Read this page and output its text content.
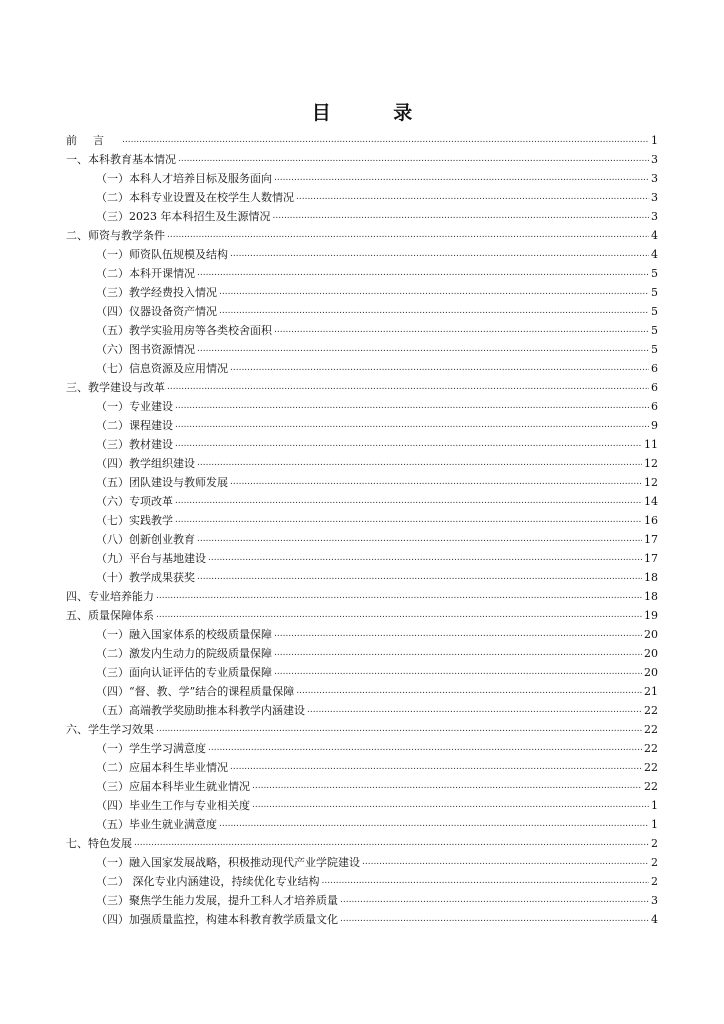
目 录
前言 .....	1
一、本科教育基本情况 .....	3
（一）本科人才培养目标及服务面向 .....	3
（二）本科专业设置及在校学生人数情况 .....	3
（三）2023 年本科招生及生源情况 .....	3
二、师资与教学条件 .....	4
（一）师资队伍规模及结构 .....	4
（二）本科开课情况 .....	5
（三）教学经费投入情况 .....	5
（四）仪器设备资产情况 .....	5
（五）教学实验用房等各类校舍面积 .....	5
（六）图书资源情况 .....	5
（七）信息资源及应用情况 .....	6
三、教学建设与改革 .....	6
（一）专业建设 .....	6
（二）课程建设 .....	9
（三）教材建设 .....	11
（四）教学组织建设 .....	12
（五）团队建设与教师发展 .....	12
（六）专项改革 .....	14
（七）实践教学 .....	16
（八）创新创业教育 .....	17
（九）平台与基地建设 .....	17
（十）教学成果获奖 .....	18
四、专业培养能力 .....	18
五、质量保障体系 .....	19
（一）融入国家体系的校级质量保障 .....	20
（二）激发内生动力的院级质量保障 .....	20
（三）面向认证评估的专业质量保障 .....	20
（四）“督、教、学”结合的课程质量保障 .....	21
（五）高端教学奖励助推本科教学内涵建设 .....	22
六、学生学习效果 .....	22
（一）学生学习满意度 .....	22
（二）应届本科生毕业情况 .....	22
（三）应届本科毕业生就业情况 .....	22
（四）毕业生工作与专业相关度 .....	1
（五）毕业生就业满意度 .....	1
七、特色发展 .....	2
（一）融入国家发展战略，积极推动现代产业学院建设 .....	2
（二） 深化专业内涵建设，持续优化专业结构 .....	2
（三）聚焦学生能力发展，提升工科人才培养质量 .....	3
（四）加强质量监控，构建本科教育教学质量文化 .....	4
